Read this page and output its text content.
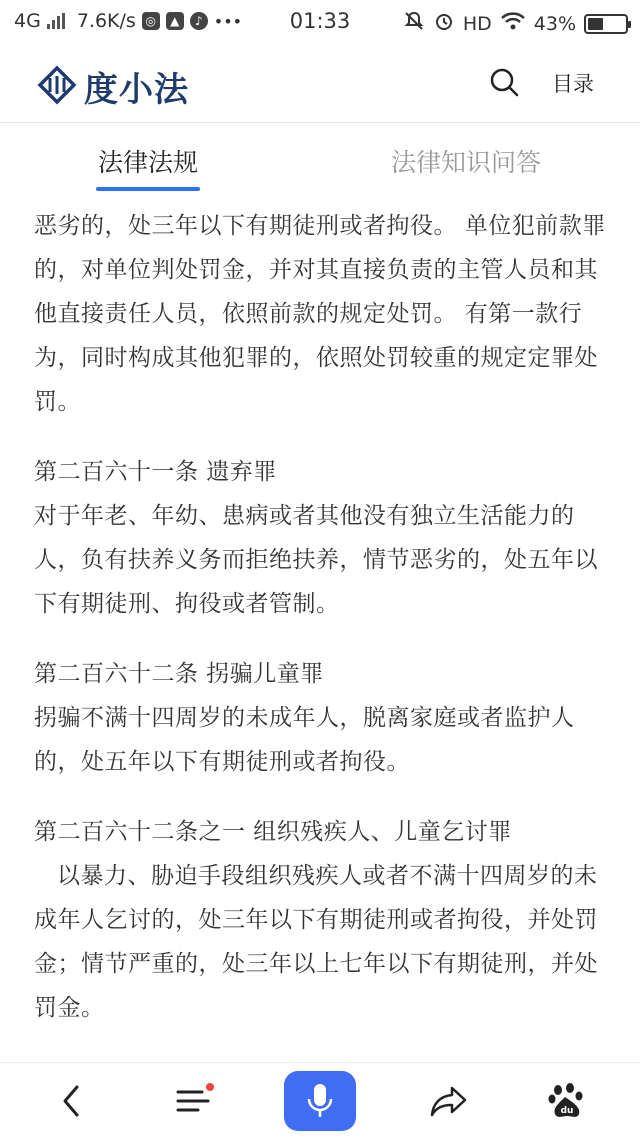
4G 7.6K/s ◎	▲	♪ •••	01:33	HD 43%
度小法	目录
法律法规	法律知识问答

恶劣的，处三年以下有期徒刑或者拘役。 单位犯前款罪的，对单位判处罚金，并对其直接负责的主管人员和其他直接责任人员，依照前款的规定处罚。 有第一款行为，同时构成其他犯罪的，依照处罚较重的规定定罪处罚。

第二百六十一条 遗弃罪
对于年老、年幼、患病或者其他没有独立生活能力的人，负有扶养义务而拒绝扶养，情节恶劣的，处五年以下有期徒刑、拘役或者管制。

第二百六十二条 拐骗儿童罪
拐骗不满十四周岁的未成年人，脱离家庭或者监护人的，处五年以下有期徒刑或者拘役。

第二百六十二条之一 组织残疾人、儿童乞讨罪
以暴力、胁迫手段组织残疾人或者不满十四周岁的未成年人乞讨的，处三年以下有期徒刑或者拘役，并处罚金；情节严重的，处三年以上七年以下有期徒刑，并处罚金。

du
